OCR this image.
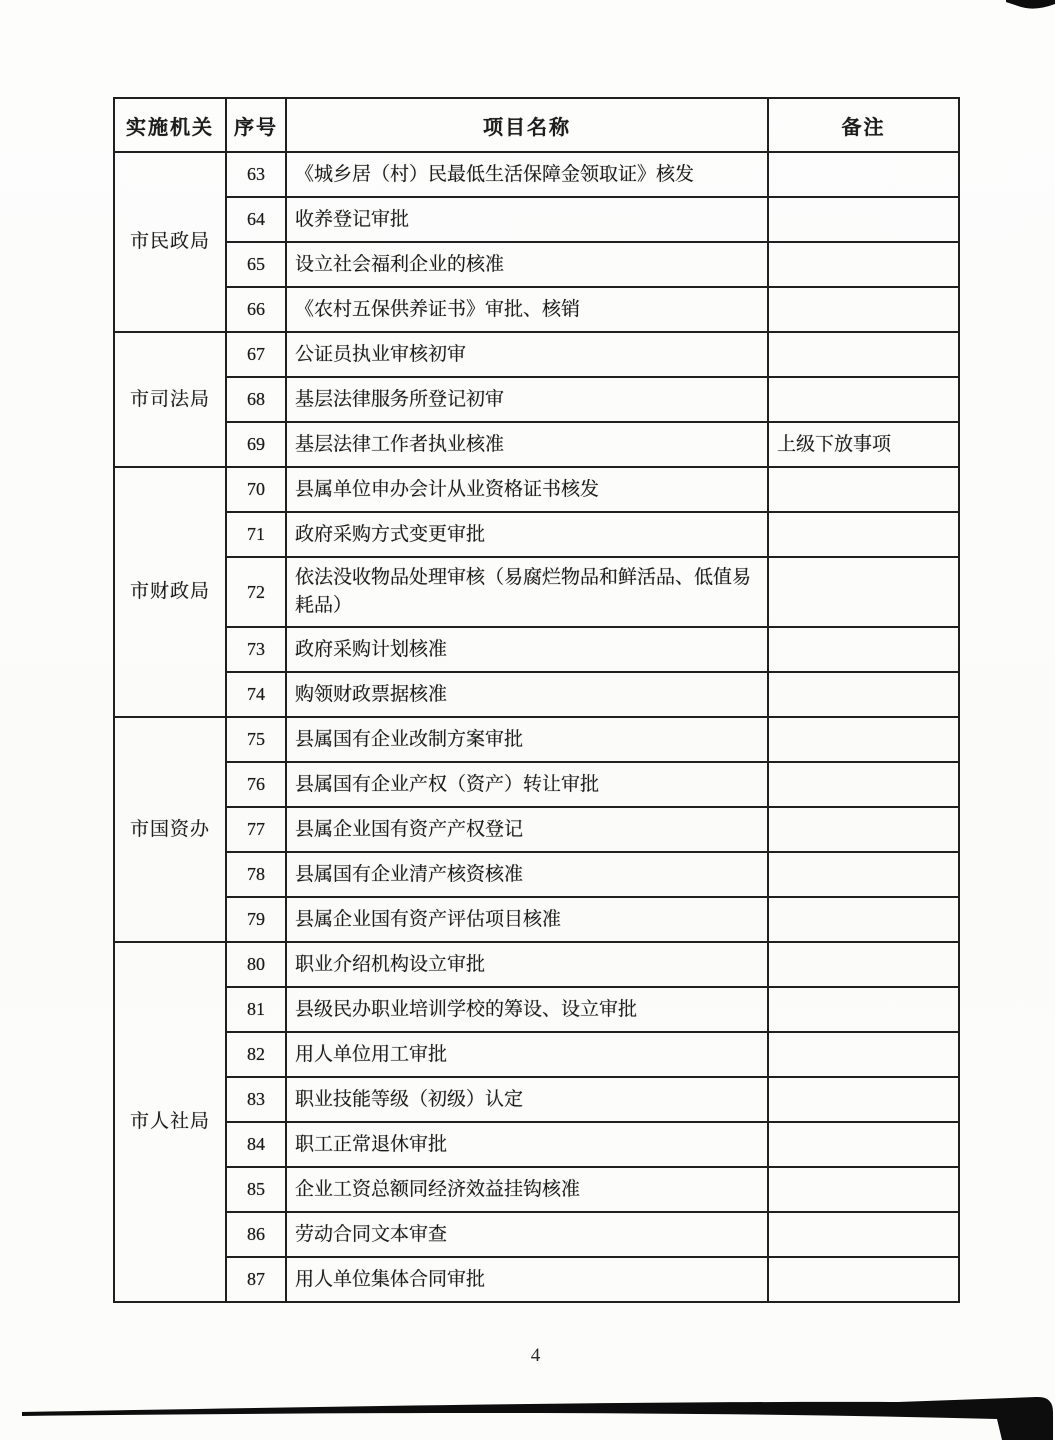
实施机关	序号	项目名称	备注
市民政局	63	《城乡居（村）民最低生活保障金领取证》核发	
	64	收养登记审批	
	65	设立社会福利企业的核准	
	66	《农村五保供养证书》审批、核销	
市司法局	67	公证员执业审核初审	
	68	基层法律服务所登记初审	
	69	基层法律工作者执业核准	上级下放事项
市财政局	70	县属单位申办会计从业资格证书核发	
	71	政府采购方式变更审批	
	72	依法没收物品处理审核（易腐烂物品和鲜活品、低值易耗品）	
	73	政府采购计划核准	
	74	购领财政票据核准	
市国资办	75	县属国有企业改制方案审批	
	76	县属国有企业产权（资产）转让审批	
	77	县属企业国有资产产权登记	
	78	县属国有企业清产核资核准	
	79	县属企业国有资产评估项目核准	
市人社局	80	职业介绍机构设立审批	
	81	县级民办职业培训学校的筹设、设立审批	
	82	用人单位用工审批	
	83	职业技能等级（初级）认定	
	84	职工正常退休审批	
	85	企业工资总额同经济效益挂钩核准	
	86	劳动合同文本审查	
	87	用人单位集体合同审批	
4
